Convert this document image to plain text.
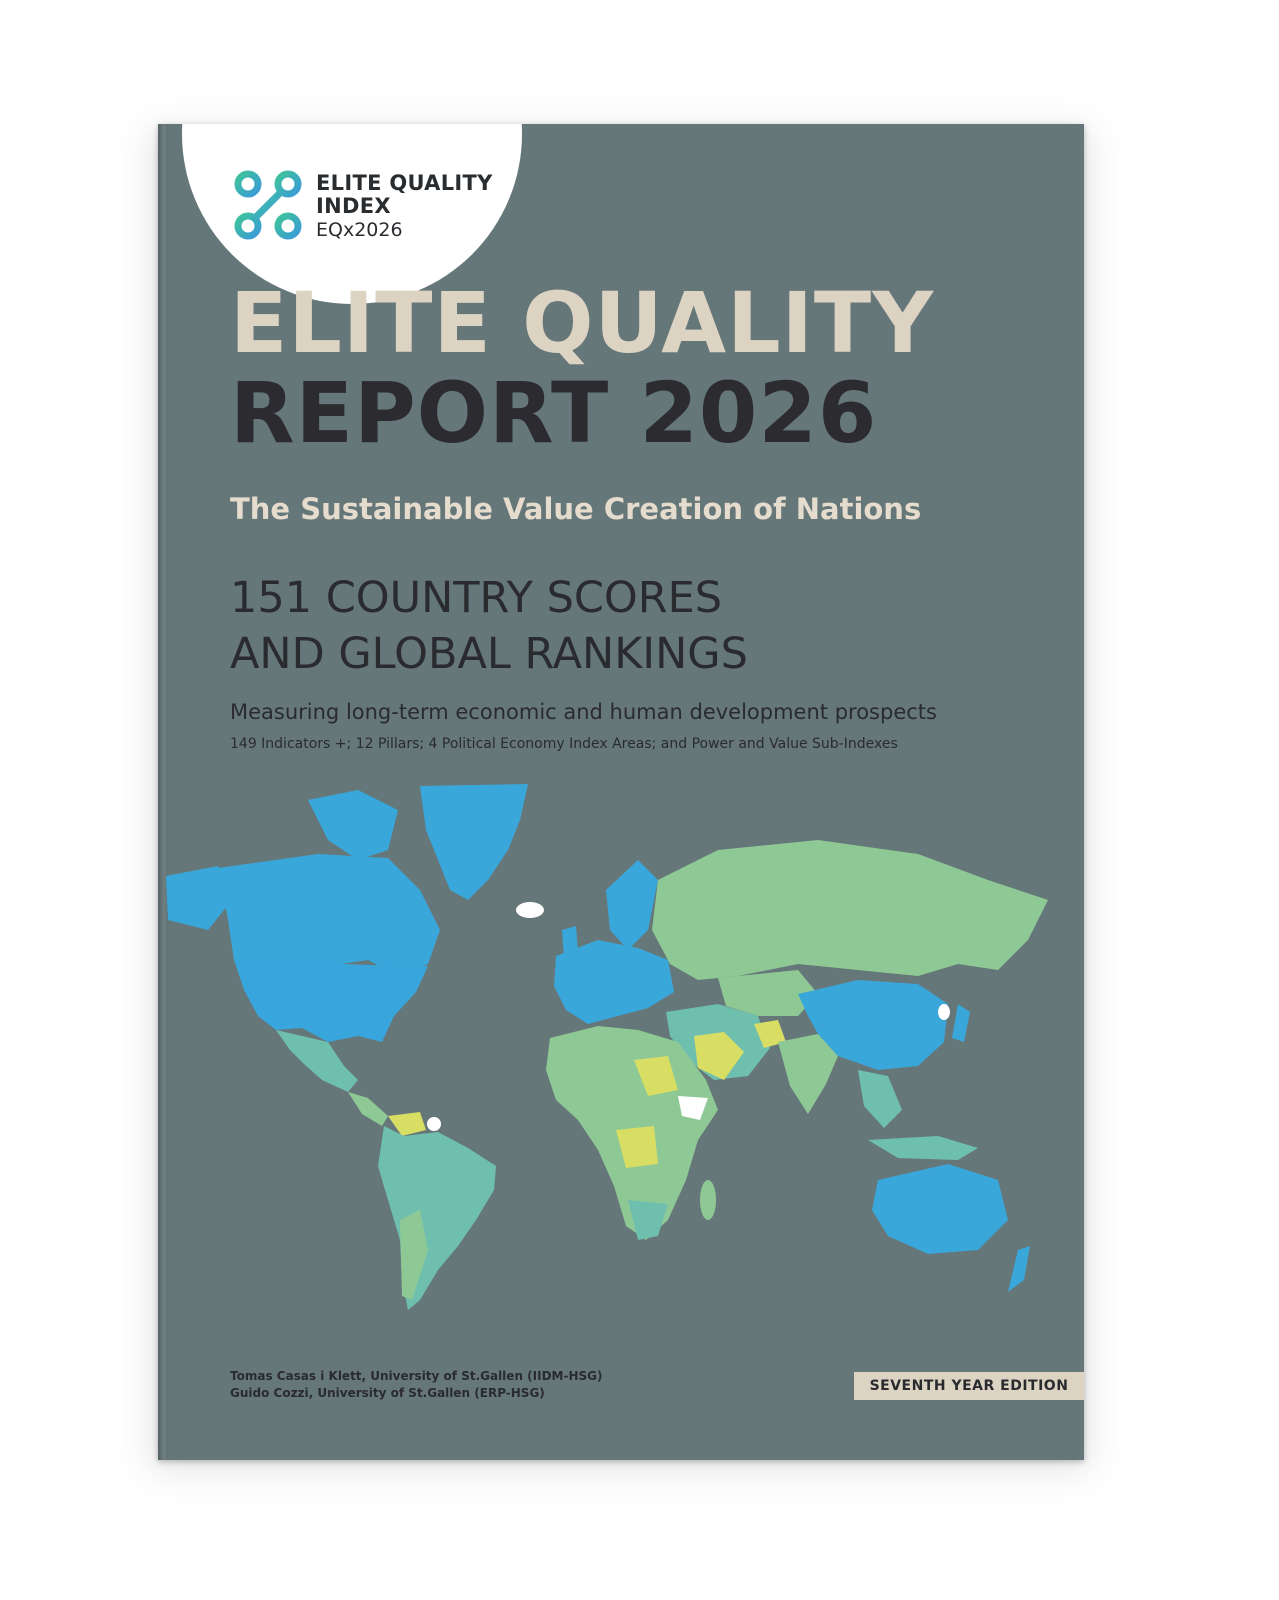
ELITE QUALITY
INDEX
EQx2026
ELITE QUALITY
REPORT 2026
The Sustainable Value Creation of Nations
151 COUNTRY SCORES
AND GLOBAL RANKINGS
Measuring long-term economic and human development prospects
149 Indicators +; 12 Pillars; 4 Political Economy Index Areas; and Power and Value Sub-Indexes
Tomas Casas i Klett, University of St.Gallen (IIDM-HSG)
Guido Cozzi, University of St.Gallen (ERP-HSG)	SEVENTH YEAR EDITION
